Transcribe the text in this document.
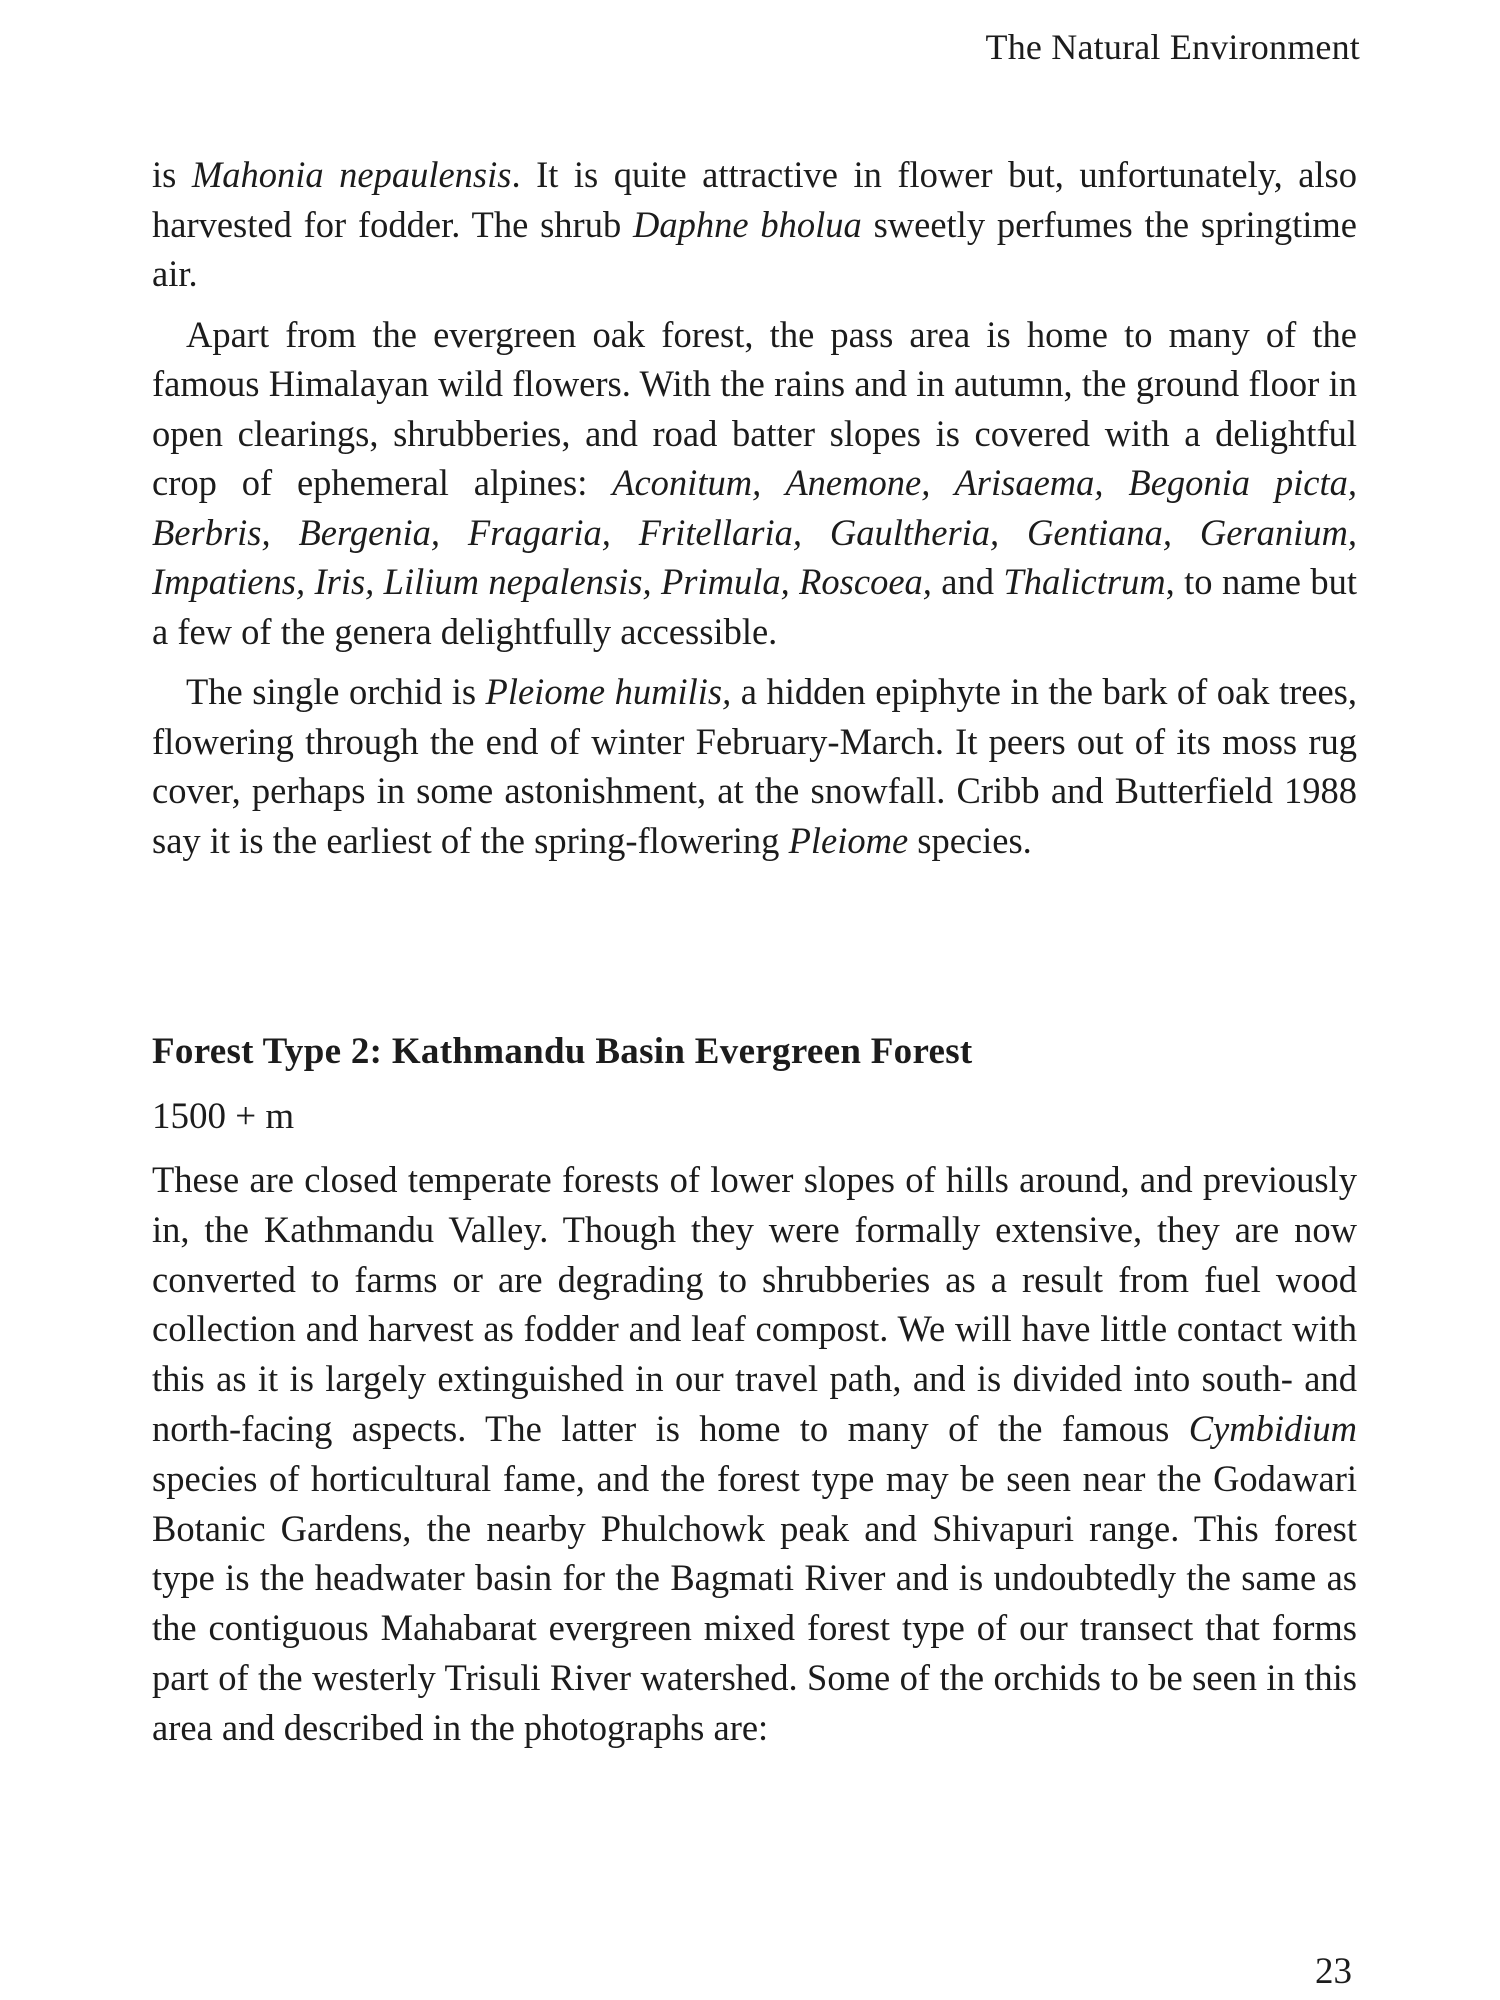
The Natural Environment

is Mahonia nepaulensis. It is quite attractive in flower but, unfortunately, also harvested for fodder. The shrub Daphne bholua sweetly perfumes the springtime air.

Apart from the evergreen oak forest, the pass area is home to many of the famous Himalayan wild flowers. With the rains and in autumn, the ground floor in open clearings, shrubberies, and road batter slopes is covered with a delightful crop of ephemeral alpines: Aconitum, Anemone, Arisaema, Begonia picta, Berbris, Bergenia, Fragaria, Fritellaria, Gaultheria, Gentiana, Geranium, Impatiens, Iris, Lilium nepalensis, Primula, Roscoea, and Thalictrum, to name but a few of the genera delightfully accessible.

The single orchid is Pleiome humilis, a hidden epiphyte in the bark of oak trees, flowering through the end of winter February-March. It peers out of its moss rug cover, perhaps in some astonishment, at the snowfall. Cribb and Butterfield 1988 say it is the earliest of the spring-flowering Pleiome species.

Forest Type 2: Kathmandu Basin Evergreen Forest
1500 + m

These are closed temperate forests of lower slopes of hills around, and previously in, the Kathmandu Valley. Though they were formally extensive, they are now converted to farms or are degrading to shrubberies as a result from fuel wood collection and harvest as fodder and leaf compost. We will have little contact with this as it is largely extinguished in our travel path, and is divided into south- and north-facing aspects. The latter is home to many of the famous Cymbidium species of horticultural fame, and the forest type may be seen near the Godawari Botanic Gardens, the nearby Phulchowk peak and Shivapuri range. This forest type is the headwater basin for the Bagmati River and is undoubtedly the same as the contiguous Mahabarat evergreen mixed forest type of our transect that forms part of the westerly Trisuli River watershed. Some of the orchids to be seen in this area and described in the photographs are:

23
